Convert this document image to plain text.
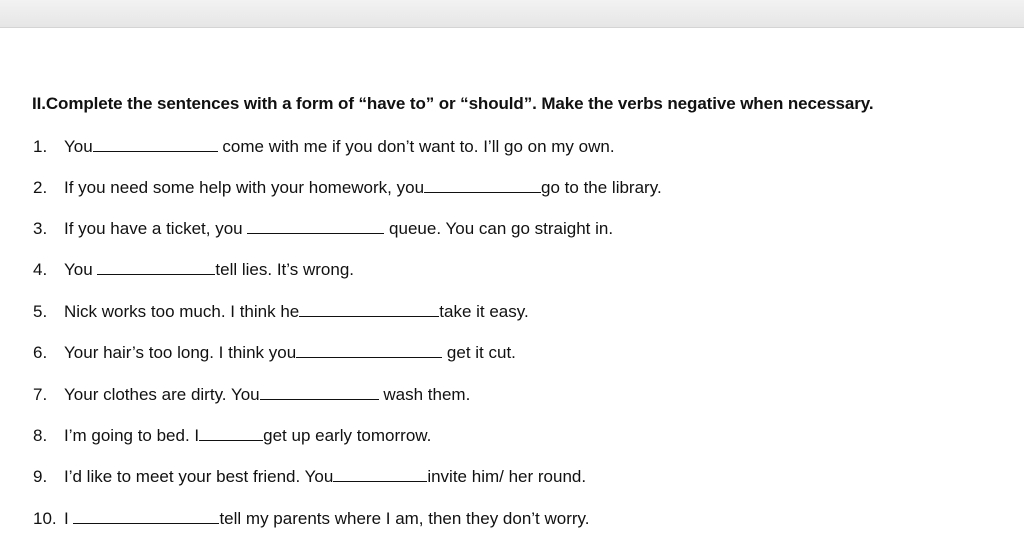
II.Complete the sentences with a form of “have to” or “should”. Make the verbs negative when necessary.

1. You	come with me if you don’t want to. I’ll go on my own.
2. If you need some help with your homework, you	go to the library.
3. If you have a ticket, you	queue. You can go straight in.
4. You	tell lies. It’s wrong.
5. Nick works too much. I think he	take it easy.
6. Your hair’s too long. I think you	get it cut.
7. Your clothes are dirty. You	wash them.
8. I’m going to bed. I	get up early tomorrow.
9. I’d like to meet your best friend. You	invite him/ her round.
10. I	tell my parents where I am, then they don’t worry.
